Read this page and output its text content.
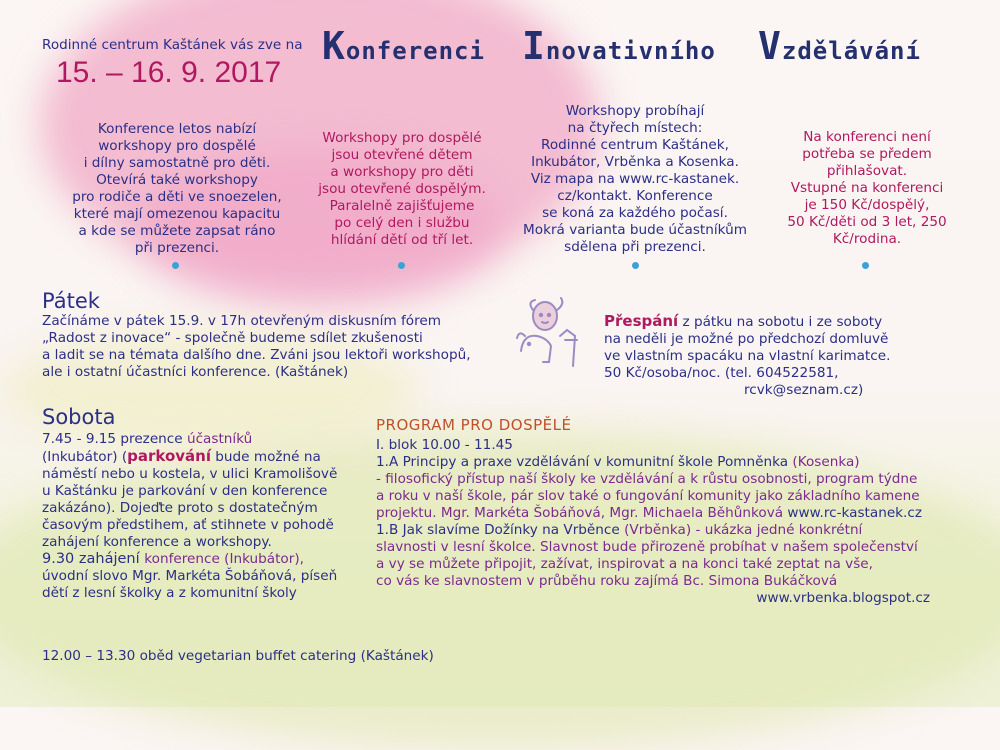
Rodinné centrum Kaštánek vás zve na
15. – 16. 9. 2017
Konferenci Inovativního Vzdělávání
Konference letos nabízí
workshopy pro dospělé
i dílny samostatně pro děti.
Otevírá také workshopy
pro rodiče a děti ve snoezelen,
které mají omezenou kapacitu
a kde se můžete zapsat ráno
při prezenci.
Workshopy pro dospělé
jsou otevřené dětem
a workshopy pro děti
jsou otevřené dospělým.
Paralelně zajišťujeme
po celý den i službu
hlídání dětí od tří let.
Workshopy probíhají
na čtyřech místech:
Rodinné centrum Kaštánek,
Inkubátor, Vrběnka a Kosenka.
Viz mapa na www.rc-kastanek.
cz/kontakt. Konference
se koná za každého počasí.
Mokrá varianta bude účastníkům
sdělena při prezenci.
Na konferenci není
potřeba se předem
přihlašovat.
Vstupné na konferenci
je 150 Kč/dospělý,
50 Kč/děti od 3 let, 250
Kč/rodina.
Pátek
Začínáme v pátek 15.9. v 17h otevřeným diskusním fórem
„Radost z inovace“ - společně budeme sdílet zkušenosti
a ladit se na témata dalšího dne. Zváni jsou lektoři workshopů,
ale i ostatní účastníci konference. (Kaštánek)
Přespání z pátku na sobotu i ze soboty
na neděli je možné po předchozí domluvě
ve vlastním spacáku na vlastní karimatce.
50 Kč/osoba/noc. (tel. 604522581,
rcvk@seznam.cz)
Sobota
7.45 - 9.15 prezence účastníků
(Inkubátor) (parkování bude možné na
náměstí nebo u kostela, v ulici Kramolišově
u Kaštánku je parkování v den konference
zakázáno). Dojeďte proto s dostatečným
časovým předstihem, ať stihnete v pohodě
zahájení konference a workshopy.
9.30 zahájení konference (Inkubátor),
úvodní slovo Mgr. Markéta Šobáňová, píseň
dětí z lesní školky a z komunitní školy
PROGRAM PRO DOSPĚLÉ
I. blok 10.00 - 11.45
1.A Principy a praxe vzdělávání v komunitní škole Pomněnka (Kosenka)
- filosofický přístup naší školy ke vzdělávání a k růstu osobnosti, program týdne
a roku v naší škole, pár slov také o fungování komunity jako základního kamene
projektu. Mgr. Markéta Šobáňová, Mgr. Michaela Běhůnková www.rc-kastanek.cz
1.B Jak slavíme Dožínky na Vrběnce (Vrběnka) - ukázka jedné konkrétní
slavnosti v lesní školce. Slavnost bude přirozeně probíhat v našem společenství
a vy se můžete připojit, zažívat, inspirovat a na konci také zeptat na vše,
co vás ke slavnostem v průběhu roku zajímá Bc. Simona Bukáčková
www.vrbenka.blogspot.cz
12.00 – 13.30 oběd vegetarian buffet catering (Kaštánek)
